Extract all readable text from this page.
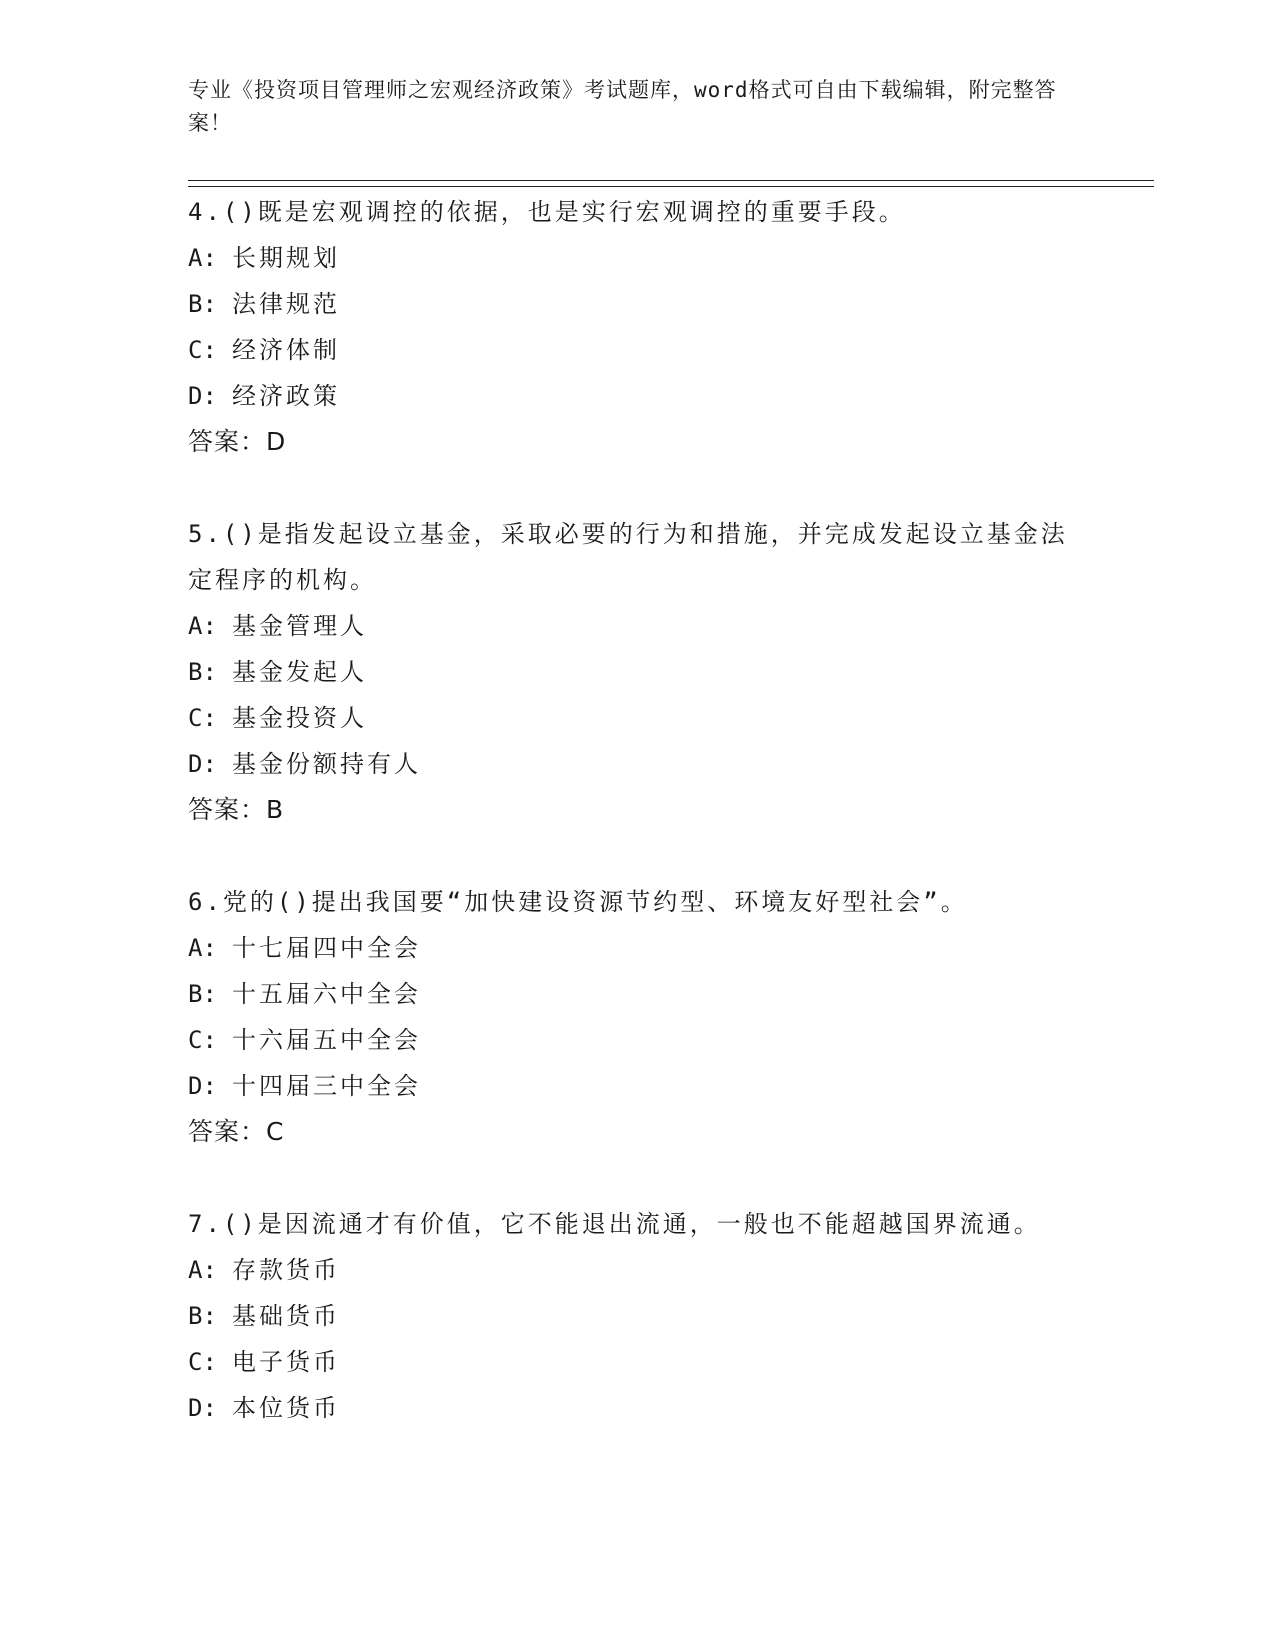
专业《投资项目管理师之宏观经济政策》考试题库，word格式可自由下载编辑，附完整答案！
4.()既是宏观调控的依据，也是实行宏观调控的重要手段。
A: 长期规划
B: 法律规范
C: 经济体制
D: 经济政策
答案：D
5.()是指发起设立基金，采取必要的行为和措施，并完成发起设立基金法定程序的机构。
A: 基金管理人
B: 基金发起人
C: 基金投资人
D: 基金份额持有人
答案：B
6.党的()提出我国要“加快建设资源节约型、环境友好型社会”。
A: 十七届四中全会
B: 十五届六中全会
C: 十六届五中全会
D: 十四届三中全会
答案：C
7.()是因流通才有价值，它不能退出流通，一般也不能超越国界流通。
A: 存款货币
B: 基础货币
C: 电子货币
D: 本位货币
